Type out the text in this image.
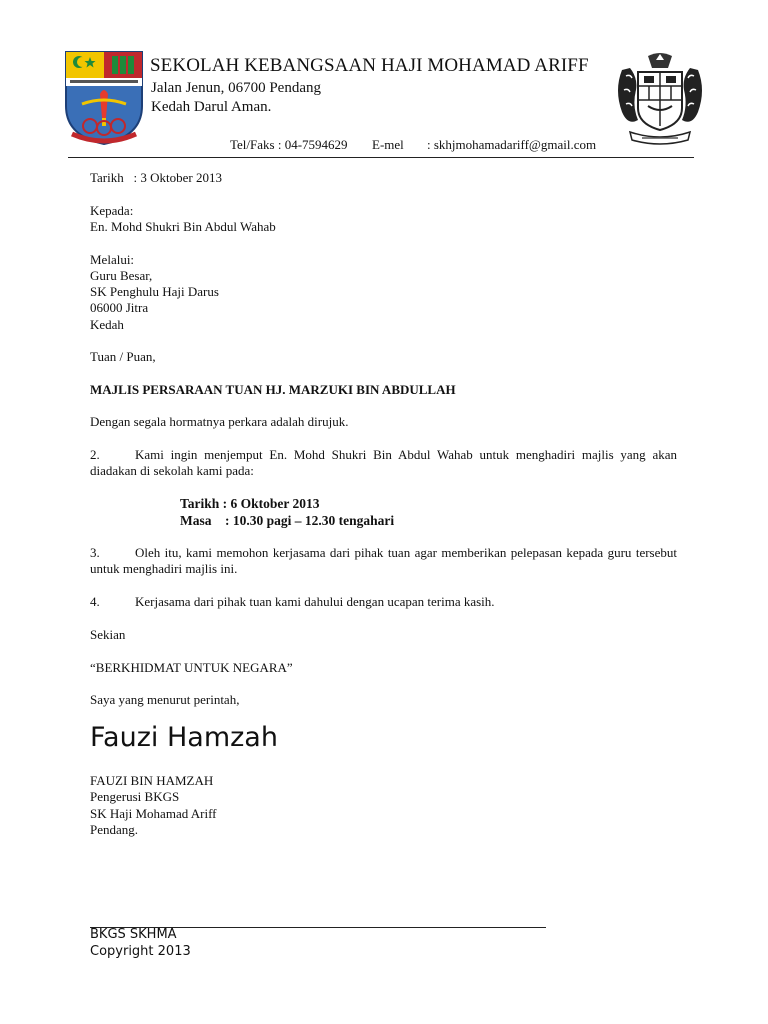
SEKOLAH KEBANGSAAN HAJI MOHAMAD ARIFF
Jalan Jenun, 06700 Pendang
Kedah Darul Aman.
Tel/Faks : 04-7594629 E-mel : skhjmohamadariff@gmail.com
Tarikh   : 3 Oktober 2013
Kepada:
En. Mohd Shukri Bin Abdul Wahab
Melalui:
Guru Besar,
SK Penghulu Haji Darus
06000 Jitra
Kedah
Tuan / Puan,
MAJLIS PERSARAAN TUAN HJ. MARZUKI BIN ABDULLAH
Dengan segala hormatnya perkara adalah dirujuk.
2.	Kami ingin menjemput En. Mohd Shukri Bin Abdul Wahab untuk menghadiri majlis yang akan diadakan di sekolah kami pada:
Tarikh : 6 Oktober 2013
Masa    : 10.30 pagi – 12.30 tengahari
3.	Oleh itu, kami memohon kerjasama dari pihak tuan agar memberikan pelepasan kepada guru tersebut untuk menghadiri majlis ini.
4.	Kerjasama dari pihak tuan kami dahului dengan ucapan terima kasih.
Sekian
“BERKHIDMAT UNTUK NEGARA”
Saya yang menurut perintah,
Fauzi Hamzah
FAUZI BIN HAMZAH
Pengerusi BKGS
SK Haji Mohamad Ariff
Pendang.
BKGS SKHMA
Copyright 2013
